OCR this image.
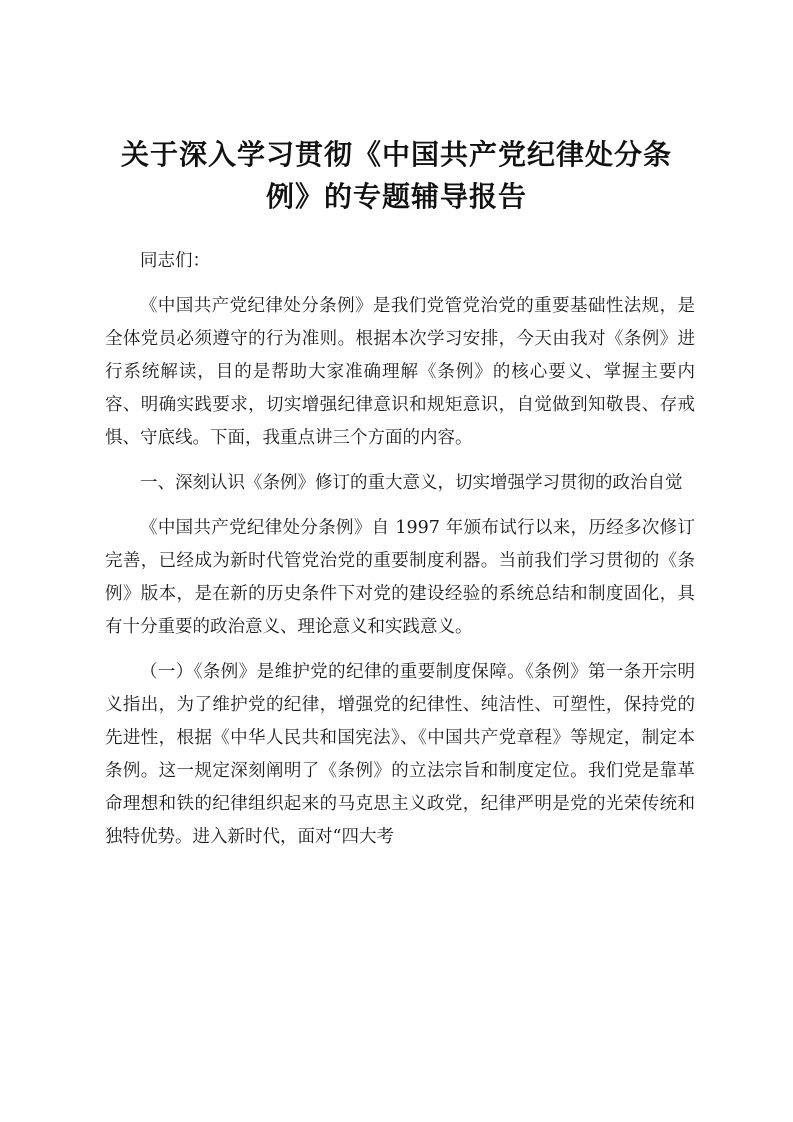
关于深入学习贯彻《中国共产党纪律处分条例》的专题辅导报告

同志们：

《中国共产党纪律处分条例》是我们党管党治党的重要基础性法规，是全体党员必须遵守的行为准则。根据本次学习安排，今天由我对《条例》进行系统解读，目的是帮助大家准确理解《条例》的核心要义、掌握主要内容、明确实践要求，切实增强纪律意识和规矩意识，自觉做到知敬畏、存戒惧、守底线。下面，我重点讲三个方面的内容。

一、深刻认识《条例》修订的重大意义，切实增强学习贯彻的政治自觉

《中国共产党纪律处分条例》自 1997 年颁布试行以来，历经多次修订完善，已经成为新时代管党治党的重要制度利器。当前我们学习贯彻的《条例》版本，是在新的历史条件下对党的建设经验的系统总结和制度固化，具有十分重要的政治意义、理论意义和实践意义。

（一）《条例》是维护党的纪律的重要制度保障。《条例》第一条开宗明义指出，为了维护党的纪律，增强党的纪律性、纯洁性、可塑性，保持党的先进性，根据《中华人民共和国宪法》、《中国共产党章程》等规定，制定本条例。这一规定深刻阐明了《条例》的立法宗旨和制度定位。我们党是靠革命理想和铁的纪律组织起来的马克思主义政党，纪律严明是党的光荣传统和独特优势。进入新时代，面对“四大考
